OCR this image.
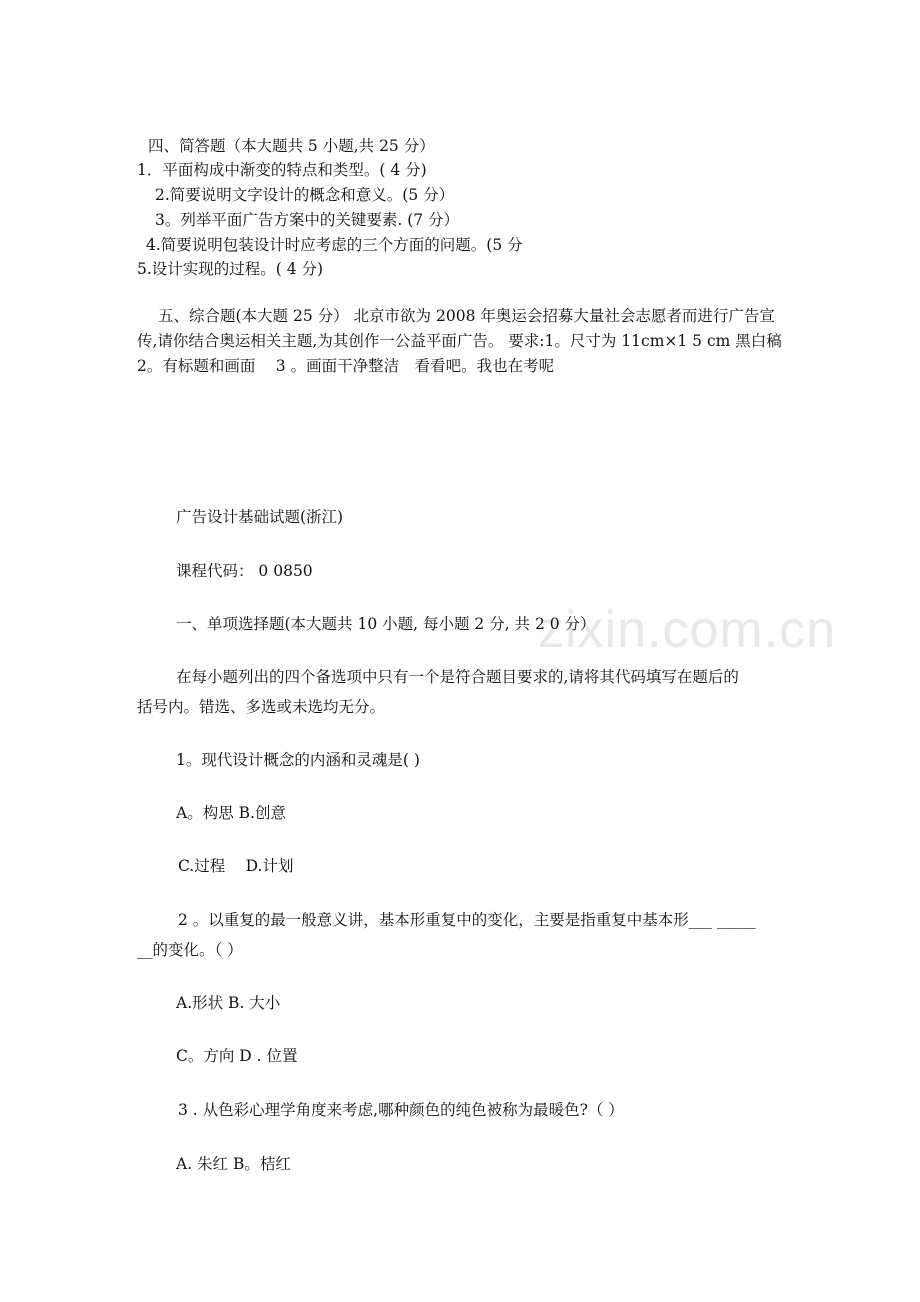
zixin.com.cn
四、简答题（本大题共 5 小题,共 25 分）
1．平面构成中渐变的特点和类型。( 4 分)
2.简要说明文字设计的概念和意义。(5 分）
3。列举平面广告方案中的关键要素. (7 分）
4.简要说明包装设计时应考虑的三个方面的问题。(5 分
5.设计实现的过程。( 4 分)
五、综合题(本大题 25 分） 北京市欲为 2008 年奥运会招募大量社会志愿者而进行广告宣
传,请你结合奥运相关主题,为其创作一公益平面广告。 要求:1。尺寸为 11cm×1 5 cm 黑白稿
2。有标题和画面　 3 。画面干净整洁　看看吧。我也在考呢
广告设计基础试题(浙江)
课程代码： 0 0850
一、单项选择题(本大题共 10 小题, 每小题 2 分, 共 2 0 分）
在每小题列出的四个备选项中只有一个是符合题目要求的,请将其代码填写在题后的
括号内。错选、多选或未选均无分。
1。现代设计概念的内涵和灵魂是( )
A。构思 B.创意
C.过程　 D.计划
2 。以重复的最一般意义讲，基本形重复中的变化，主要是指重复中基本形___ _____
__的变化。（ ）
A.形状 B. 大小
C。方向 D . 位置
3 . 从色彩心理学角度来考虑,哪种颜色的纯色被称为最暖色?（ ）
A. 朱红 B。桔红
